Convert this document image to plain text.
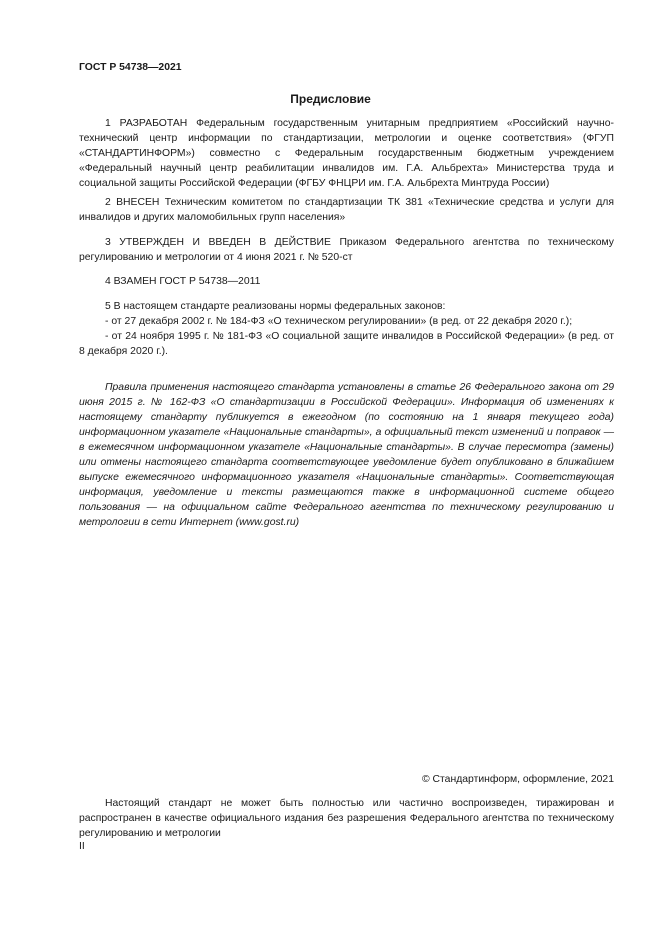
ГОСТ Р 54738—2021
Предисловие

1 РАЗРАБОТАН Федеральным государственным унитарным предприятием «Российский научно-технический центр информации по стандартизации, метрологии и оценке соответствия» (ФГУП «СТАНДАРТИНФОРМ») совместно с Федеральным государственным бюджетным учреждением «Федеральный научный центр реабилитации инвалидов им. Г.А. Альбрехта» Министерства труда и социальной защиты Российской Федерации (ФГБУ ФНЦРИ им. Г.А. Альбрехта Минтруда России)

2 ВНЕСЕН Техническим комитетом по стандартизации ТК 381 «Технические средства и услуги для инвалидов и других маломобильных групп населения»

3 УТВЕРЖДЕН И ВВЕДЕН В ДЕЙСТВИЕ Приказом Федерального агентства по техническому регулированию и метрологии от 4 июня 2021 г. № 520-ст

4 ВЗАМЕН ГОСТ Р 54738—2011

5 В настоящем стандарте реализованы нормы федеральных законов:

- от 27 декабря 2002 г. № 184-ФЗ «О техническом регулировании» (в ред. от 22 декабря 2020 г.);

- от 24 ноября 1995 г. № 181-ФЗ «О социальной защите инвалидов в Российской Федерации» (в ред. от 8 декабря 2020 г.).

Правила применения настоящего стандарта установлены в статье 26 Федерального закона от 29 июня 2015 г. № 162-ФЗ «О стандартизации в Российской Федерации». Информация об изменениях к настоящему стандарту публикуется в ежегодном (по состоянию на 1 января текущего года) информационном указателе «Национальные стандарты», а официальный текст изменений и поправок — в ежемесячном информационном указателе «Национальные стандарты». В случае пересмотра (замены) или отмены настоящего стандарта соответствующее уведомление будет опубликовано в ближайшем выпуске ежемесячного информационного указателя «Национальные стандарты». Соответствующая информация, уведомление и тексты размещаются также в информационной системе общего пользования — на официальном сайте Федерального агентства по техническому регулированию и метрологии в сети Интернет (www.gost.ru)

© Стандартинформ, оформление, 2021

Настоящий стандарт не может быть полностью или частично воспроизведен, тиражирован и распространен в качестве официального издания без разрешения Федерального агентства по техническому регулированию и метрологии

II
